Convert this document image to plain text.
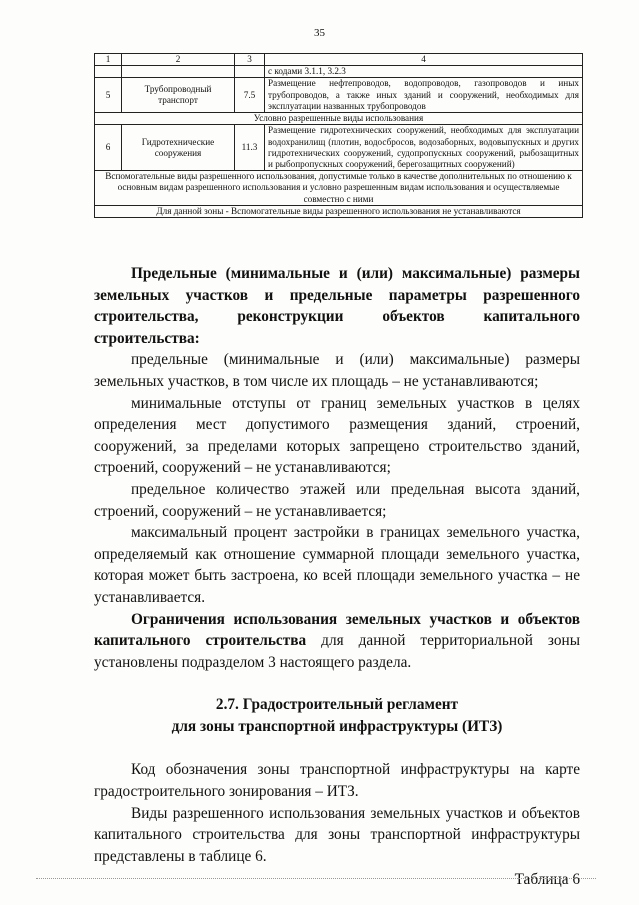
35
1	2	3	4
			с кодами 3.1.1, 3.2.3
5	Трубопроводный транспорт	7.5	Размещение нефтепроводов, водопроводов, газопроводов и иных трубопроводов, а также иных зданий и сооружений, необходимых для эксплуатации названных трубопроводов
Условно разрешенные виды использования			
6	Гидротехнические сооружения	11.3	Размещение гидротехнических сооружений, необходимых для эксплуатации водохранилищ (плотин, водосбросов, водозаборных, водовыпускных и других гидротехнических сооружений, судопропускных сооружений, рыбозащитных и рыбопропускных сооружений, берегозащитных сооружений)
Вспомогательные виды разрешенного использования, допустимые только в качестве дополнительных по отношению к основным видам разрешенного использования и условно разрешенным видам использования и осуществляемые совместно с ними			
Для данной зоны - Вспомогательные виды разрешенного использования не устанавливаются			

Предельные (минимальные и (или) максимальные) размеры земельных участков и предельные параметры разрешенного строительства, реконструкции объектов капитального строительства:

предельные (минимальные и (или) максимальные) размеры земельных участков, в том числе их площадь – не устанавливаются;

минимальные отступы от границ земельных участков в целях определения мест допустимого размещения зданий, строений, сооружений, за пределами которых запрещено строительство зданий, строений, сооружений – не устанавливаются;

предельное количество этажей или предельная высота зданий, строений, сооружений – не устанавливается;

максимальный процент застройки в границах земельного участка, определяемый как отношение суммарной площади земельного участка, которая может быть застроена, ко всей площади земельного участка – не устанавливается.

Ограничения использования земельных участков и объектов капитального строительства для данной территориальной зоны установлены подразделом 3 настоящего раздела.

2.7. Градостроительный регламент

для зоны транспортной инфраструктуры (ИТЗ)

Код обозначения зоны транспортной инфраструктуры на карте градостроительного зонирования – ИТЗ.

Виды разрешенного использования земельных участков и объектов капитального строительства для зоны транспортной инфраструктуры представлены в таблице 6.

Таблица 6
